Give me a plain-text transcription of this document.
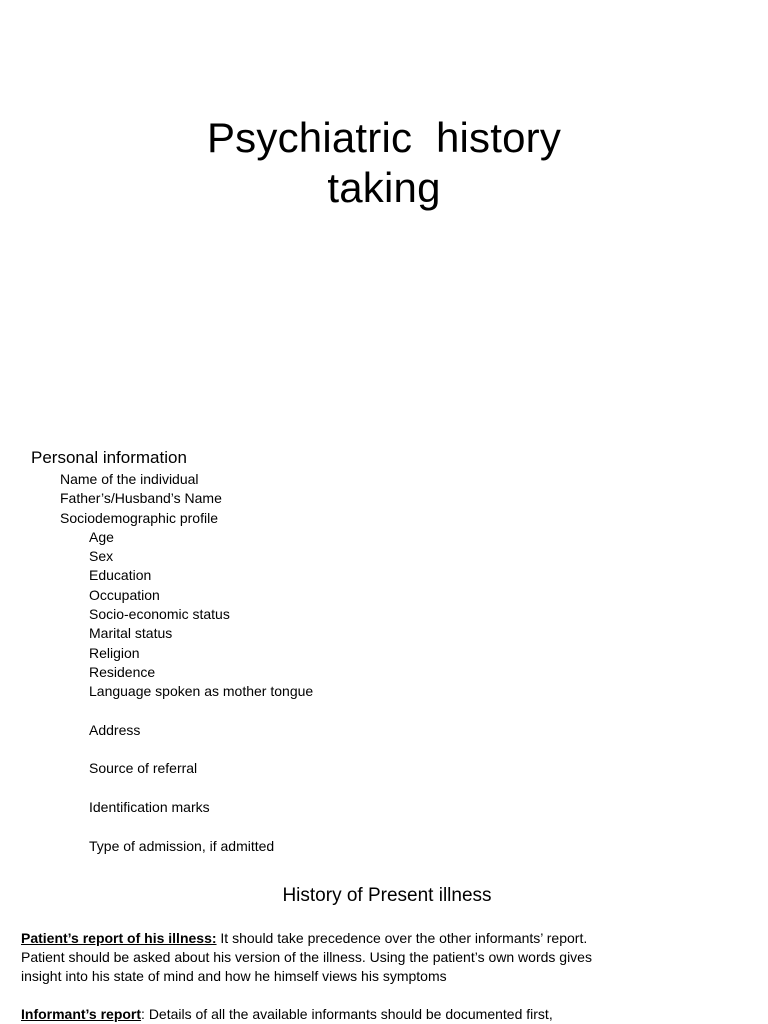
Psychiatric  history
taking
Personal information
Name of the individual
Father’s/Husband’s Name
Sociodemographic profile
Age
Sex
Education
Occupation
Socio-economic status
Marital status
Religion
Residence
Language spoken as mother tongue
Address
Source of referral
Identification marks
Type of admission, if admitted
History of Present illness

Patient’s report of his illness: It should take precedence over the other informants’ report. Patient should be asked about his version of the illness. Using the patient’s own words gives insight into his state of mind and how he himself views his symptoms

Informant’s report: Details of all the available informants should be documented first,
